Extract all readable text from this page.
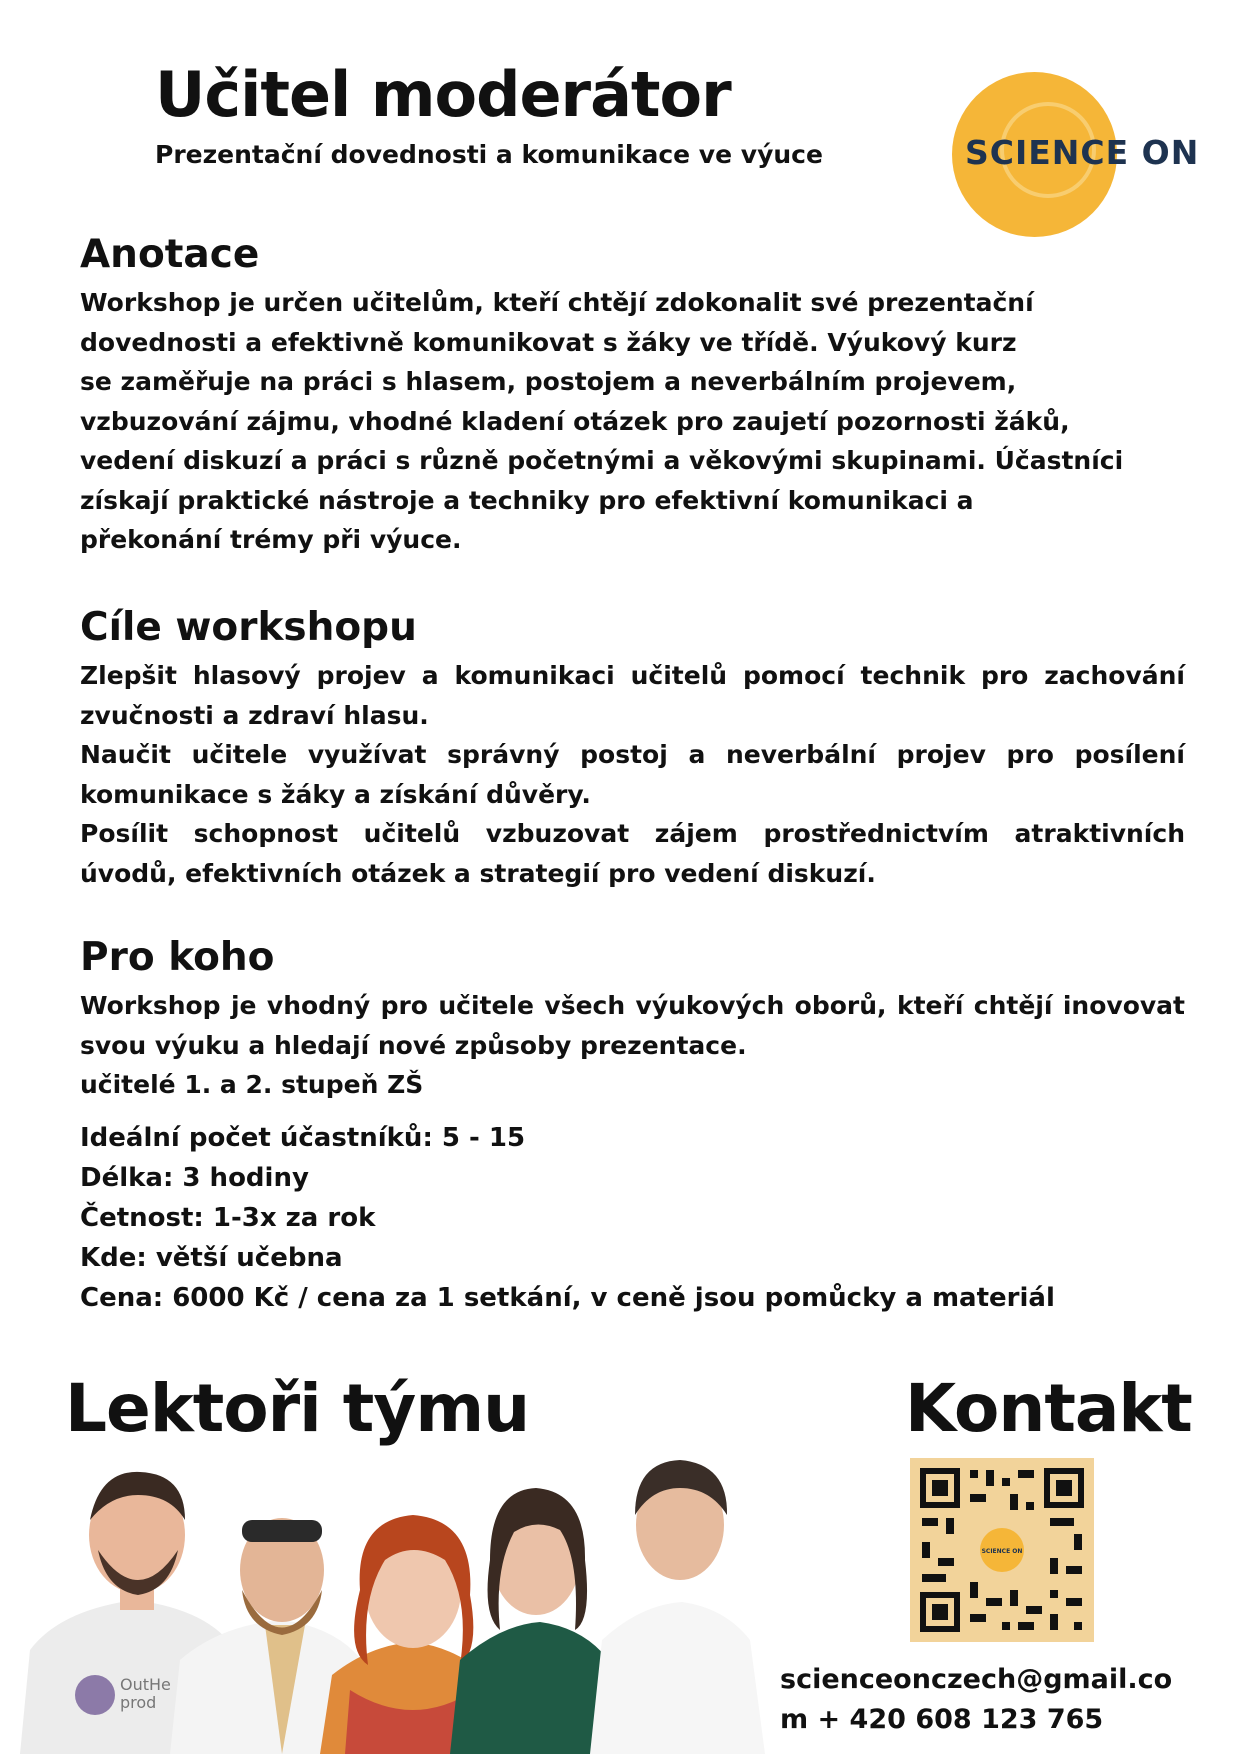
Učitel moderátor
Prezentační dovednosti a komunikace ve výuce	SCIENCE ON
Anotace

Workshop je určen učitelům, kteří chtějí zdokonalit své prezentační

dovednosti a efektivně komunikovat s žáky ve třídě. Výukový kurz

se zaměřuje na práci s hlasem, postojem a neverbálním projevem,

vzbuzování zájmu, vhodné kladení otázek pro zaujetí pozornosti žáků,

vedení diskuzí a práci s různě početnými a věkovými skupinami. Účastníci

získají praktické nástroje a techniky pro efektivní komunikaci a

překonání trémy při výuce.

Cíle workshopu

Zlepšit hlasový projev a komunikaci učitelů pomocí technik pro zachování zvučnosti a zdraví hlasu.

Naučit učitele využívat správný postoj a neverbální projev pro posílení komunikace s žáky a získání důvěry.

Posílit schopnost učitelů vzbuzovat zájem prostřednictvím atraktivních úvodů, efektivních otázek a strategií pro vedení diskuzí.

Pro koho

Workshop je vhodný pro učitele všech výukových oborů, kteří chtějí inovovat svou výuku a hledají nové způsoby prezentace.

učitelé 1. a 2. stupeň ZŠ

Ideální počet účastníků: 5 - 15
Délka: 3 hodiny
Četnost: 1-3x za rok
Kde: větší učebna
Cena: 6000 Kč / cena za 1 setkání, v ceně jsou pomůcky a materiál
Lektoři týmu
OutHe
prod
Kontakt
SCIENCE ON
scienceonczech@gmail.co
m + 420 608 123 765
